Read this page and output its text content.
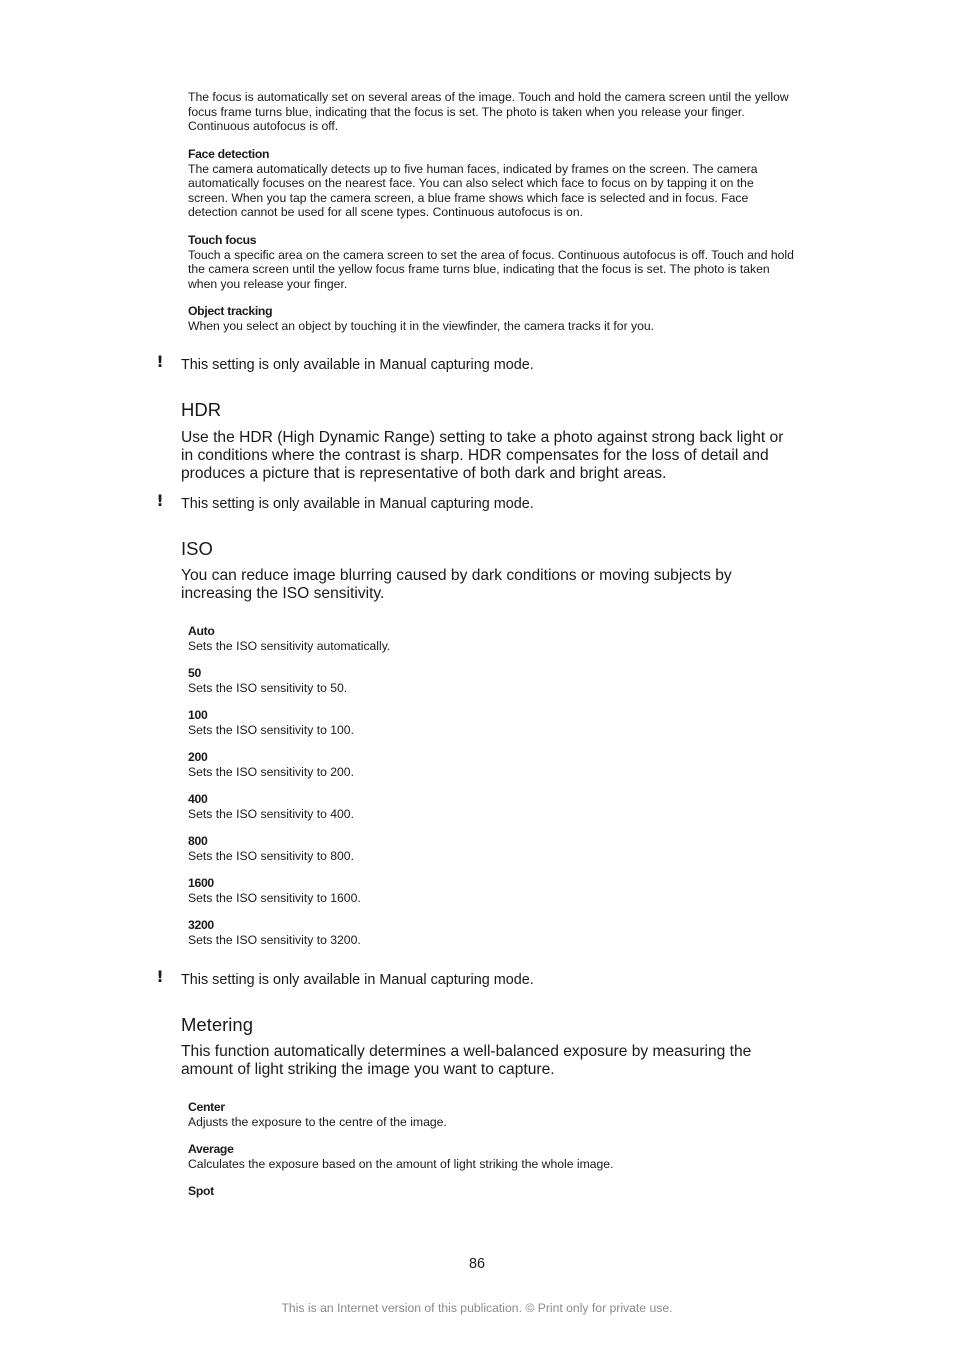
The focus is automatically set on several areas of the image. Touch and hold the camera screen until the yellow focus frame turns blue, indicating that the focus is set. The photo is taken when you release your finger. Continuous autofocus is off.
Face detection
The camera automatically detects up to five human faces, indicated by frames on the screen. The camera automatically focuses on the nearest face. You can also select which face to focus on by tapping it on the screen. When you tap the camera screen, a blue frame shows which face is selected and in focus. Face detection cannot be used for all scene types. Continuous autofocus is on.
Touch focus
Touch a specific area on the camera screen to set the area of focus. Continuous autofocus is off. Touch and hold the camera screen until the yellow focus frame turns blue, indicating that the focus is set. The photo is taken when you release your finger.
Object tracking
When you select an object by touching it in the viewfinder, the camera tracks it for you.
! This setting is only available in Manual capturing mode.
HDR
Use the HDR (High Dynamic Range) setting to take a photo against strong back light or in conditions where the contrast is sharp. HDR compensates for the loss of detail and produces a picture that is representative of both dark and bright areas.
! This setting is only available in Manual capturing mode.
ISO
You can reduce image blurring caused by dark conditions or moving subjects by increasing the ISO sensitivity.
Auto
Sets the ISO sensitivity automatically.
50
Sets the ISO sensitivity to 50.
100
Sets the ISO sensitivity to 100.
200
Sets the ISO sensitivity to 200.
400
Sets the ISO sensitivity to 400.
800
Sets the ISO sensitivity to 800.
1600
Sets the ISO sensitivity to 1600.
3200
Sets the ISO sensitivity to 3200.
! This setting is only available in Manual capturing mode.
Metering
This function automatically determines a well-balanced exposure by measuring the amount of light striking the image you want to capture.
Center
Adjusts the exposure to the centre of the image.
Average
Calculates the exposure based on the amount of light striking the whole image.
Spot
86
This is an Internet version of this publication. © Print only for private use.
